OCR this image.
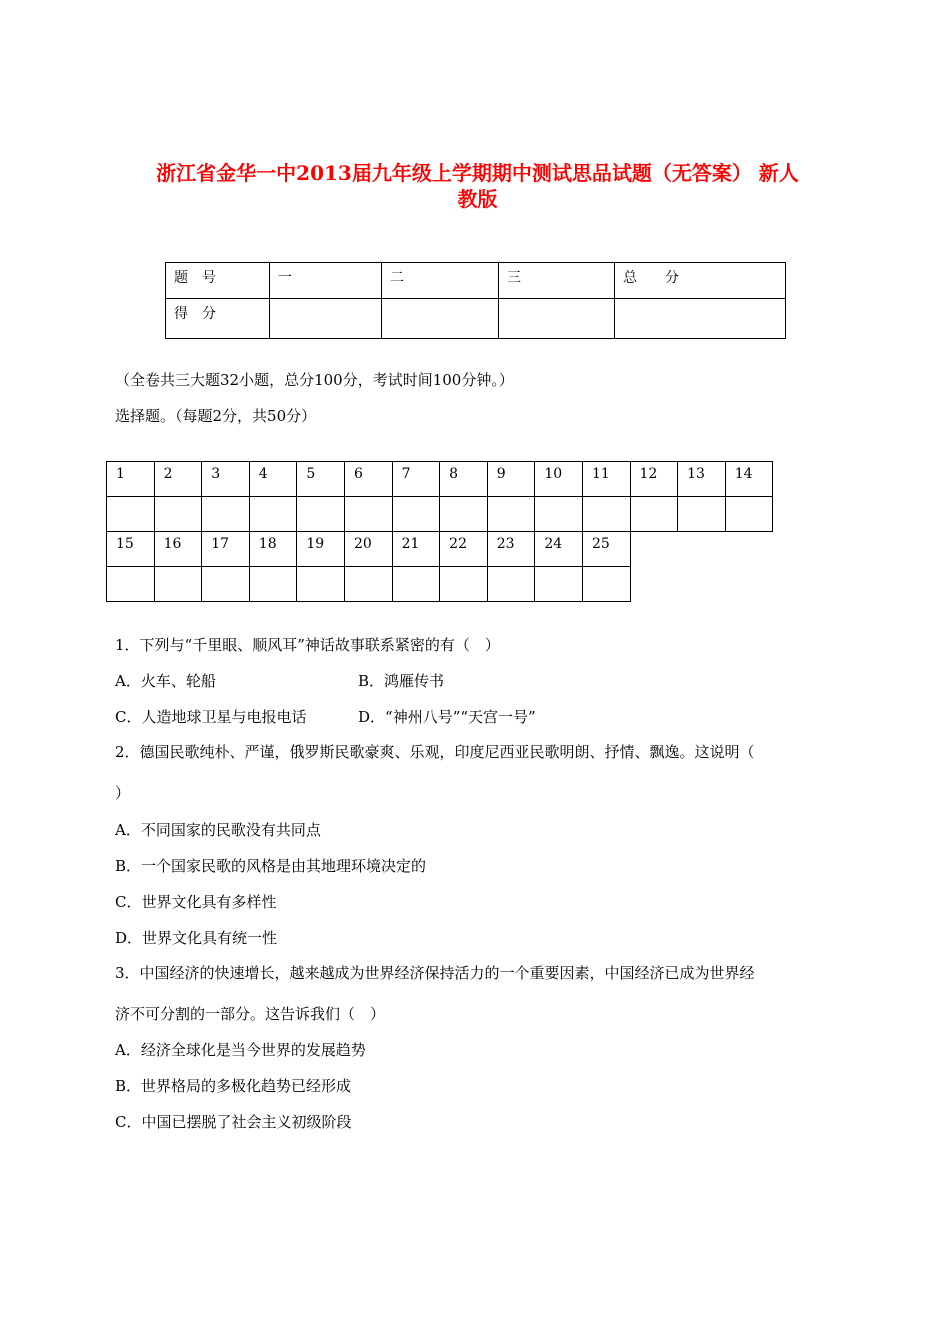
浙江省金华一中2013届九年级上学期期中测试思品试题（无答案） 新人
教版
题　号	一	二	三	总　　分
得　分				
（全卷共三大题32小题，总分100分，考试时间100分钟。）
选择题。（每题2分，共50分）
1	2	3	4	5	6	7	8	9	10	11	12	13	14

15	16	17	18	19	20	21	22	23	24	25			

1．下列与“千里眼、顺风耳”神话故事联系紧密的有（　）
A．火车、轮船	B．鸿雁传书
C．人造地球卫星与电报电话	D．“神州八号”“天宫一号”
2．德国民歌纯朴、严谨，俄罗斯民歌豪爽、乐观，印度尼西亚民歌明朗、抒情、飘逸。这说明（
）
A．不同国家的民歌没有共同点
B．一个国家民歌的风格是由其地理环境决定的
C．世界文化具有多样性
D．世界文化具有统一性
3．中国经济的快速增长，越来越成为世界经济保持活力的一个重要因素，中国经济已成为世界经
济不可分割的一部分。这告诉我们（　）
A．经济全球化是当今世界的发展趋势
B．世界格局的多极化趋势已经形成
C．中国已摆脱了社会主义初级阶段
